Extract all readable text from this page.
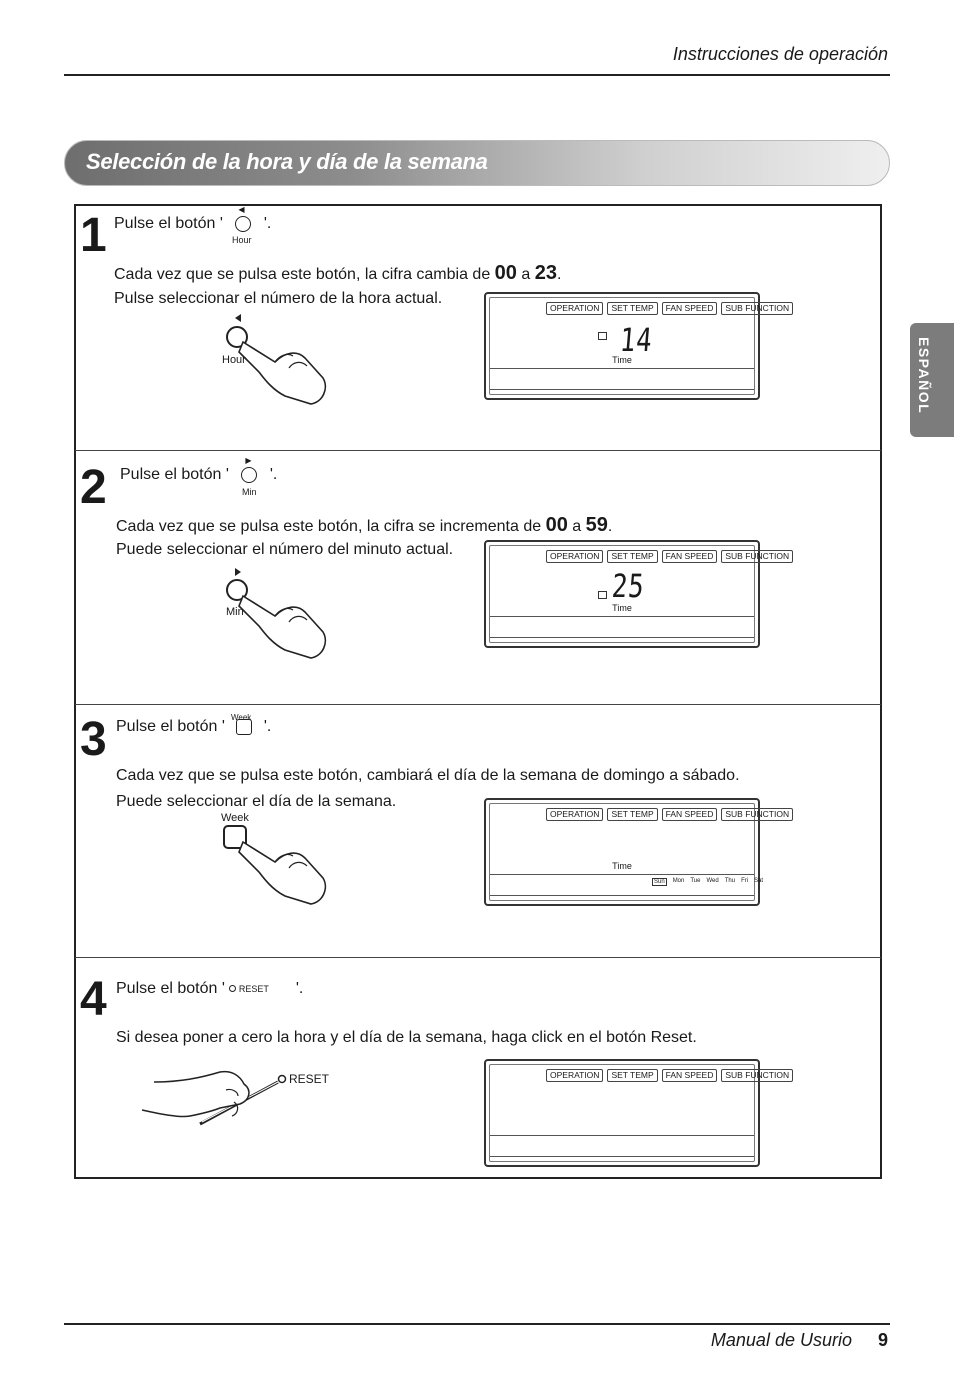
Instrucciones de operación
Selección de la hora y día de la semana
ESPAÑOL
1 Pulse el botón '
◀
'.
Hour
Cada vez que se pulsa este botón, la cifra cambia de 00 a 23.
Pulse seleccionar el número de la hora actual.
Hour
OPERATION	SET TEMP	FAN SPEED	SUB FUNCTION
14
Time
2 Pulse el botón '
▶
'.
Min
Cada vez que se pulsa este botón, la cifra se incrementa de 00 a 59.
Puede seleccionar el número del minuto actual.
Min
OPERATION	SET TEMP	FAN SPEED	SUB FUNCTION
25
Time
3	Week
Pulse el botón ' '.
Cada vez que se pulsa este botón, cambiará el día de la semana de domingo a sábado.
Puede seleccionar el día de la semana.
Week	OPERATION	SET TEMP	FAN SPEED	SUB FUNCTION
Time
Sun	Mon Tue Wed Thu Fri Sat
4 Pulse el botón ' RESET '.
Si desea poner a cero la hora y el día de la semana, haga click en el botón Reset.
RESET	OPERATION	SET TEMP	FAN SPEED	SUB FUNCTION
Manual de Usurio 9
